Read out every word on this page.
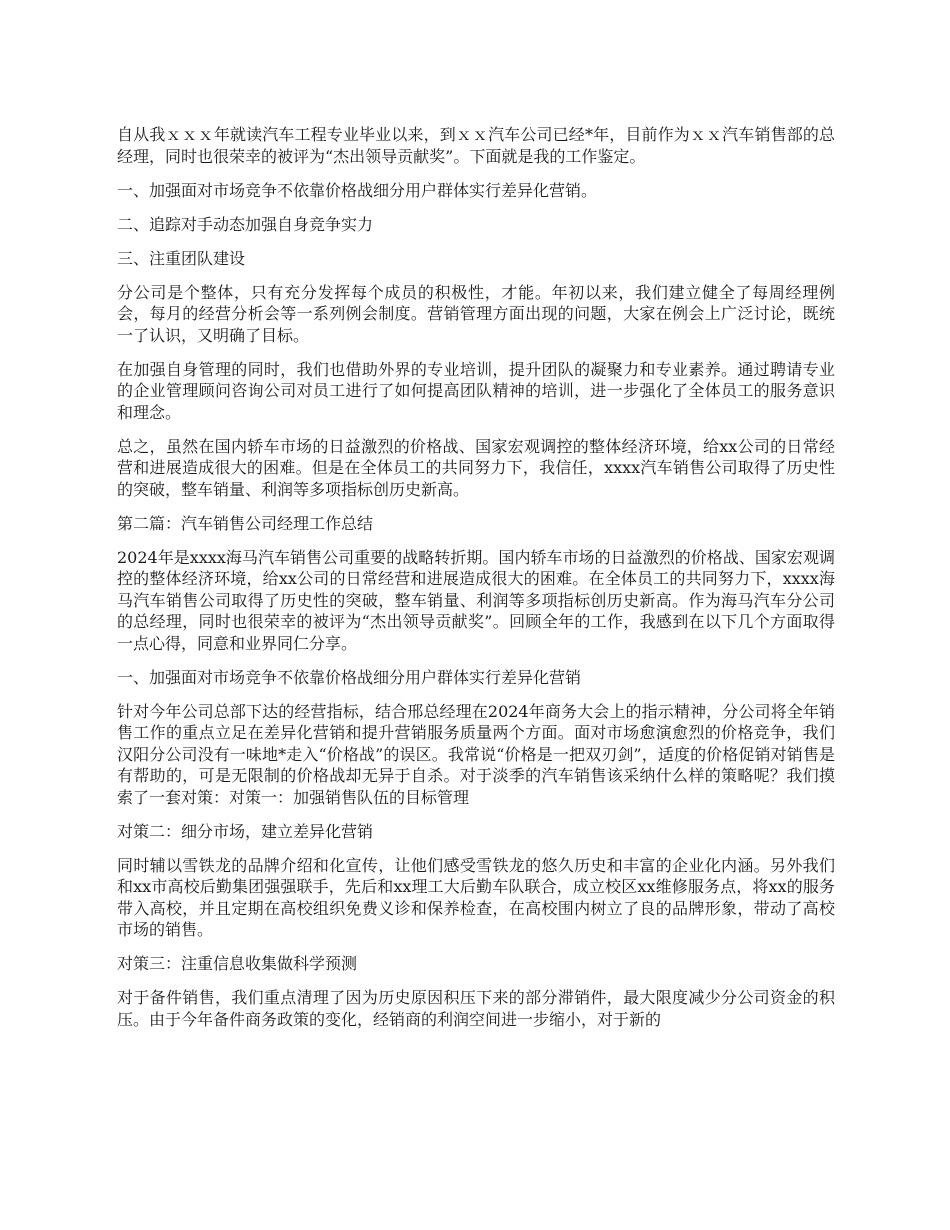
自从我ｘｘｘ年就读汽车工程专业毕业以来，到ｘｘ汽车公司已经*年，目前作为ｘｘ汽车销售部的总经理，同时也很荣幸的被评为“杰出领导贡献奖”。下面就是我的工作鉴定。

一、加强面对市场竞争不依靠价格战细分用户群体实行差异化营销。

二、追踪对手动态加强自身竞争实力

三、注重团队建设

分公司是个整体，只有充分发挥每个成员的积极性，才能。年初以来，我们建立健全了每周经理例会，每月的经营分析会等一系列例会制度。营销管理方面出现的问题，大家在例会上广泛讨论，既统一了认识，又明确了目标。

在加强自身管理的同时，我们也借助外界的专业培训，提升团队的凝聚力和专业素养。通过聘请专业的企业管理顾问咨询公司对员工进行了如何提高团队精神的培训，进一步强化了全体员工的服务意识和理念。

总之，虽然在国内轿车市场的日益激烈的价格战、国家宏观调控的整体经济环境，给xx公司的日常经营和进展造成很大的困难。但是在全体员工的共同努力下，我信任，xxxx汽车销售公司取得了历史性的突破，整车销量、利润等多项指标创历史新高。

第二篇：汽车销售公司经理工作总结

2024年是xxxx海马汽车销售公司重要的战略转折期。国内轿车市场的日益激烈的价格战、国家宏观调控的整体经济环境，给xx公司的日常经营和进展造成很大的困难。在全体员工的共同努力下，xxxx海马汽车销售公司取得了历史性的突破，整车销量、利润等多项指标创历史新高。作为海马汽车分公司的总经理，同时也很荣幸的被评为“杰出领导贡献奖”。回顾全年的工作，我感到在以下几个方面取得一点心得，同意和业界同仁分享。

一、加强面对市场竞争不依靠价格战细分用户群体实行差异化营销

针对今年公司总部下达的经营指标，结合邢总经理在2024年商务大会上的指示精神，分公司将全年销售工作的重点立足在差异化营销和提升营销服务质量两个方面。面对市场愈演愈烈的价格竞争，我们汉阳分公司没有一味地*走入“价格战”的误区。我常说“价格是一把双刃剑”，适度的价格促销对销售是有帮助的，可是无限制的价格战却无异于自杀。对于淡季的汽车销售该采纳什么样的策略呢？我们摸索了一套对策：对策一：加强销售队伍的目标管理

对策二：细分市场，建立差异化营销

同时辅以雪铁龙的品牌介绍和化宣传，让他们感受雪铁龙的悠久历史和丰富的企业化内涵。另外我们和xx市高校后勤集团强强联手，先后和xx理工大后勤车队联合，成立校区xx维修服务点，将xx的服务带入高校，并且定期在高校组织免费义诊和保养检查，在高校围内树立了良的品牌形象，带动了高校市场的销售。

对策三：注重信息收集做科学预测

对于备件销售，我们重点清理了因为历史原因积压下来的部分滞销件，最大限度减少分公司资金的积压。由于今年备件商务政策的变化，经销商的利润空间进一步缩小，对于新的
